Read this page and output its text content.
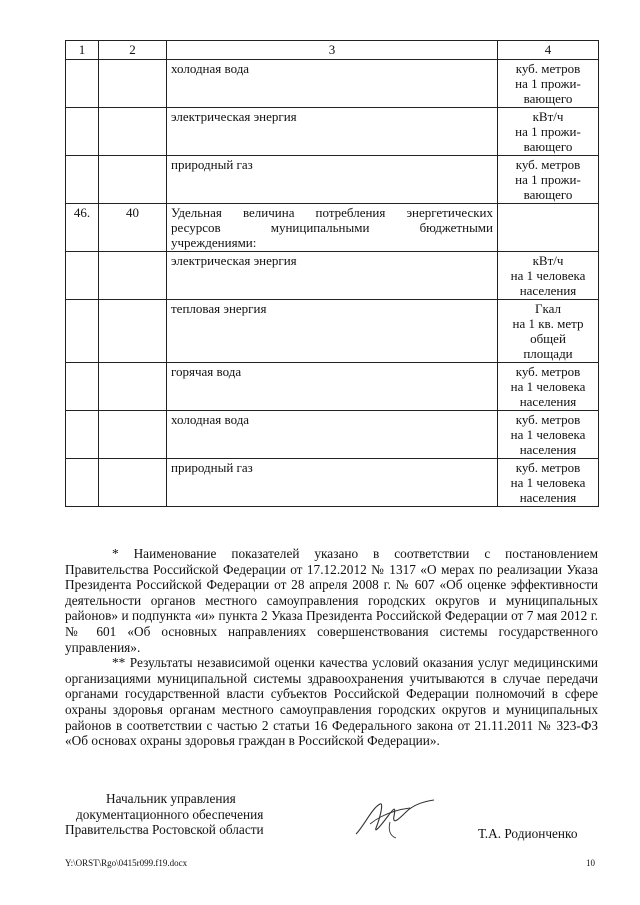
1	2	3	4
		холодная вода	куб. метров
на 1 прожи-
вающего

		электрическая энергия	кВт/ч
на 1 прожи-
вающего

		природный газ	куб. метров
на 1 прожи-
вающего

46.	40	Удельная величина потребления энергетических
ресурсов муниципальными бюджетными
учреждениями:	

		электрическая энергия	кВт/ч
на 1 человека
населения

		тепловая энергия	Гкал
на 1 кв. метр
общей
площади

		горячая вода	куб. метров
на 1 человека
населения

		холодная вода	куб. метров
на 1 человека
населения

		природный газ	куб. метров
на 1 человека
населения

* Наименование показателей указано в соответствии с постановлением Правительства Российской Федерации от 17.12.2012 № 1317 «О мерах по реализации Указа Президента Российской Федерации от 28 апреля 2008 г. № 607 «Об оценке эффективности деятельности органов местного самоуправления городских округов и муниципальных районов» и подпункта «и» пункта 2 Указа Президента Российской Федерации от 7 мая 2012 г. № 601 «Об основных направлениях совершенствования системы государственного управления».

** Результаты независимой оценки качества условий оказания услуг медицинскими организациями муниципальной системы здравоохранения учитываются в случае передачи органами государственной власти субъектов Российской Федерации полномочий в сфере охраны здоровья органам местного самоуправления городских округов и муниципальных районов в соответствии с частью 2 статьи 16 Федерального закона от 21.11.2011 № 323-ФЗ «Об основах охраны здоровья граждан в Российской Федерации».

Начальник управления
документационного обеспечения
Правительства Ростовской области	Т.А. Родионченко
Y:\ORST\Rgo\0415r099.f19.docx	10
